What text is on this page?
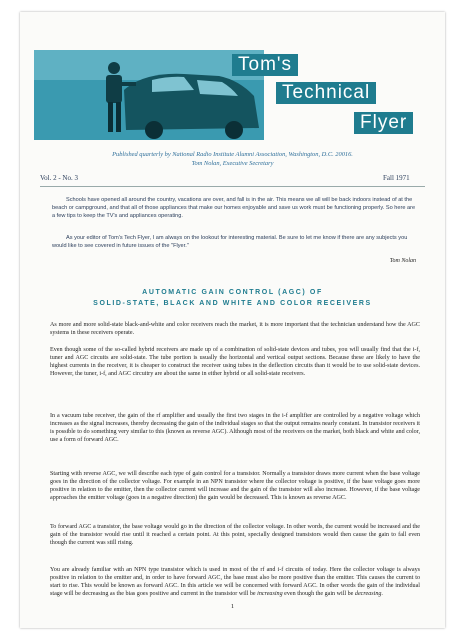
Tom's
Technical
Flyer
Published quarterly by National Radio Institute Alumni Association, Washington, D.C. 20016.
Tom Nolan, Executive Secretary
Vol. 2 - No. 3	Fall 1971
Schools have opened all around the country, vacations are over, and fall is in the air. This means we all will be back indoors instead of at the beach or campground, and that all of those appliances that make our homes enjoyable and save us work must be functioning properly. So here are a few tips to keep the TV's and appliances operating.
As your editor of Tom's Tech Flyer, I am always on the lookout for interesting material. Be sure to let me know if there are any subjects you would like to see covered in future issues of the "Flyer."
Tom Nolan
AUTOMATIC GAIN CONTROL (AGC) OF
SOLID-STATE, BLACK AND WHITE AND COLOR RECEIVERS
As more and more solid-state black-and-white and color receivers reach the market, it is more important that the technician understand how the AGC systems in these receivers operate.
Even though some of the so-called hybrid receivers are made up of a combination of solid-state devices and tubes, you will usually find that the i-f, tuner and AGC circuits are solid-state. The tube portion is usually the horizontal and vertical output sections. Because these are likely to have the highest currents in the receiver, it is cheaper to construct the receiver using tubes in the deflection circuits than it would be to use solid-state devices. However, the tuner, i-f, and AGC circuitry are about the same in either hybrid or all solid-state receivers.
In a vacuum tube receiver, the gain of the rf amplifier and usually the first two stages in the i-f amplifier are controlled by a negative voltage which increases as the signal increases, thereby decreasing the gain of the individual stages so that the output remains nearly constant. In transistor receivers it is possible to do something very similar to this (known as reverse AGC). Although most of the receivers on the market, both black and white and color, use a form of forward AGC.
Starting with reverse AGC, we will describe each type of gain control for a transistor. Normally a transistor draws more current when the base voltage goes in the direction of the collector voltage. For example in an NPN transistor where the collector voltage is positive, if the base voltage goes more positive in relation to the emitter, then the collector current will increase and the gain of the transistor will also increase. However, if the base voltage approaches the emitter voltage (goes in a negative direction) the gain would be decreased. This is known as reverse AGC.
To forward AGC a transistor, the base voltage would go in the direction of the collector voltage. In other words, the current would be increased and the gain of the transistor would rise until it reached a certain point. At this point, specially designed transistors would then cause the gain to fall even though the current was still rising.
You are already familiar with an NPN type transistor which is used in most of the rf and i-f circuits of today. Here the collector voltage is always positive in relation to the emitter and, in order to have forward AGC, the base must also be more positive than the emitter. This causes the current to start to rise. This would be known as forward AGC. In this article we will be concerned with forward AGC. In other words the gain of the individual stage will be decreasing as the bias goes positive and current in the transistor will be increasing even though the gain will be decreasing.
1
